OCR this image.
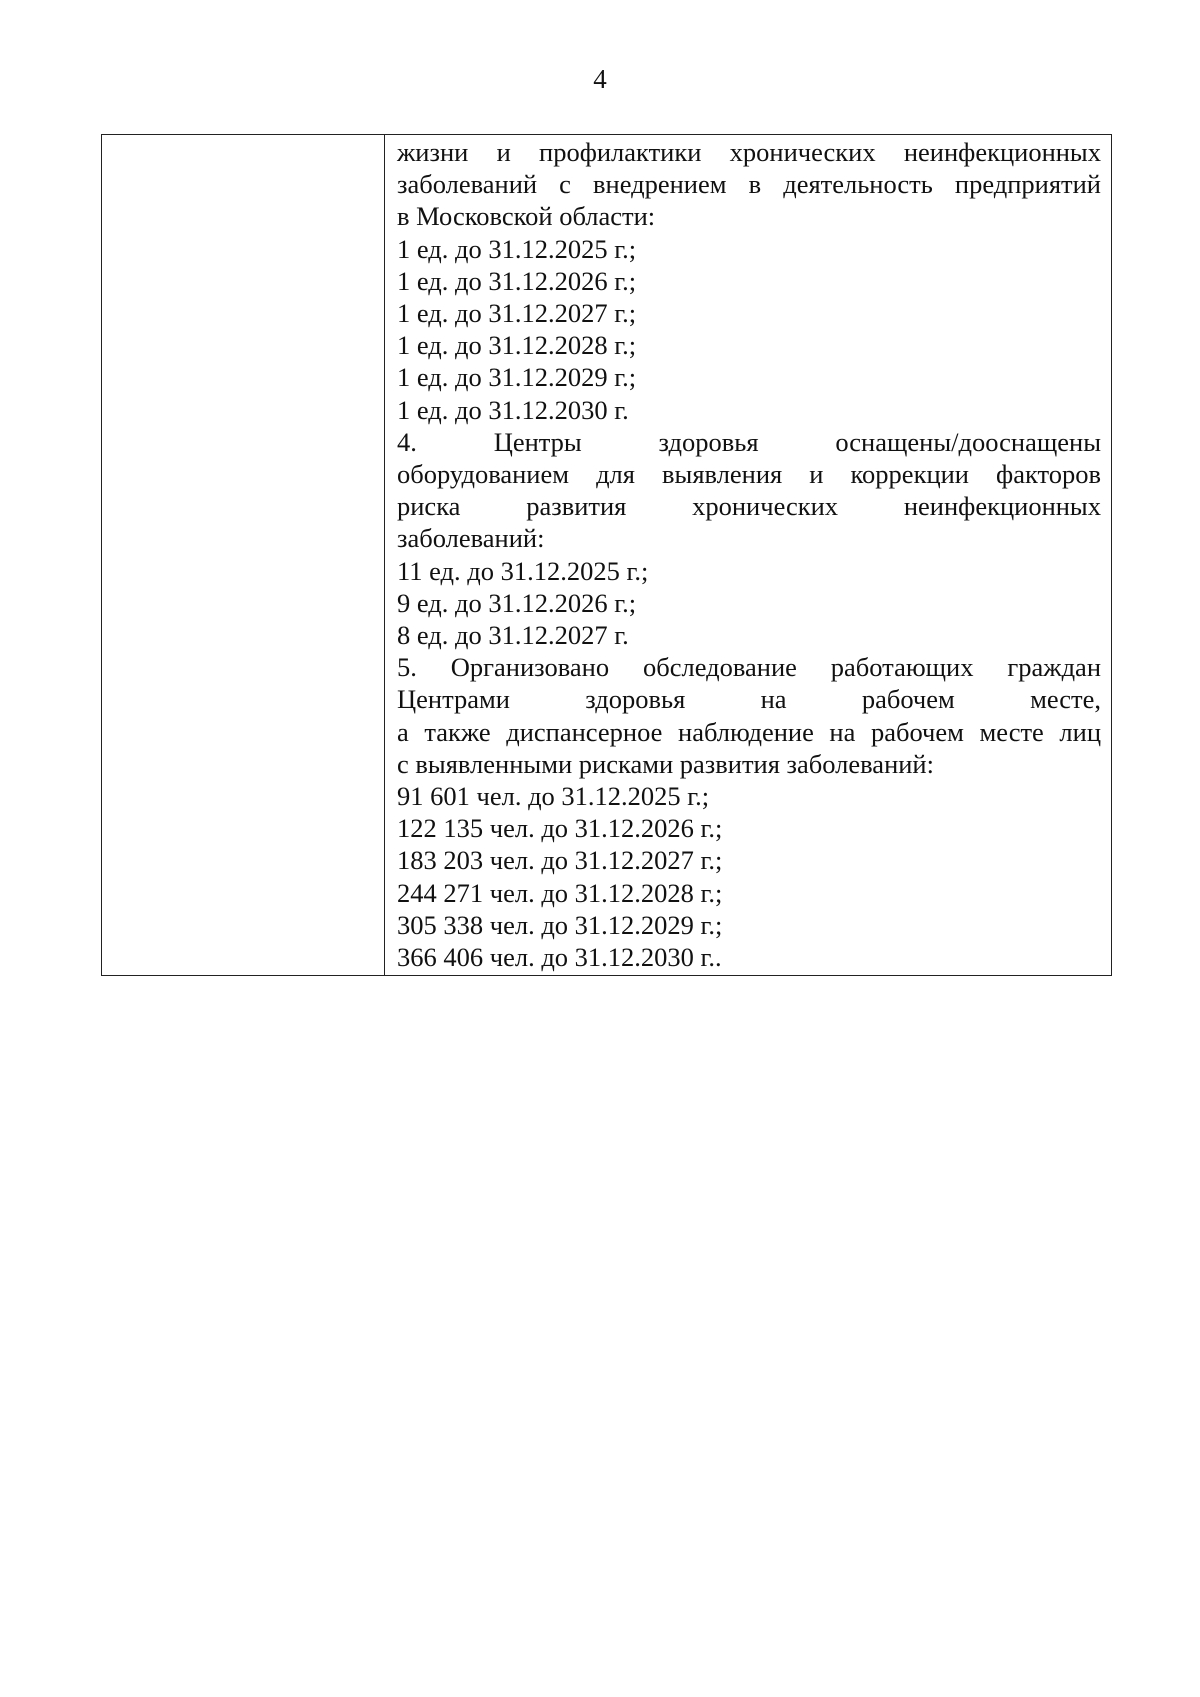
4

жизни и профилактики хронических неинфекционных
заболеваний с внедрением в деятельность предприятий
в Московской области:
1 ед. до 31.12.2025 г.;
1 ед. до 31.12.2026 г.;
1 ед. до 31.12.2027 г.;
1 ед. до 31.12.2028 г.;
1 ед. до 31.12.2029 г.;
1 ед. до 31.12.2030 г.
4. Центры здоровья оснащены/дооснащены
оборудованием для выявления и коррекции факторов
риска развития хронических неинфекционных
заболеваний:
11 ед. до 31.12.2025 г.;
9 ед. до 31.12.2026 г.;
8 ед. до 31.12.2027 г.
5. Организовано обследование работающих граждан
Центрами здоровья на рабочем месте,
а также диспансерное наблюдение на рабочем месте лиц
с выявленными рисками развития заболеваний:
91 601 чел. до 31.12.2025 г.;
122 135 чел. до 31.12.2026 г.;
183 203 чел. до 31.12.2027 г.;
244 271 чел. до 31.12.2028 г.;
305 338 чел. до 31.12.2029 г.;
366 406 чел. до 31.12.2030 г..
